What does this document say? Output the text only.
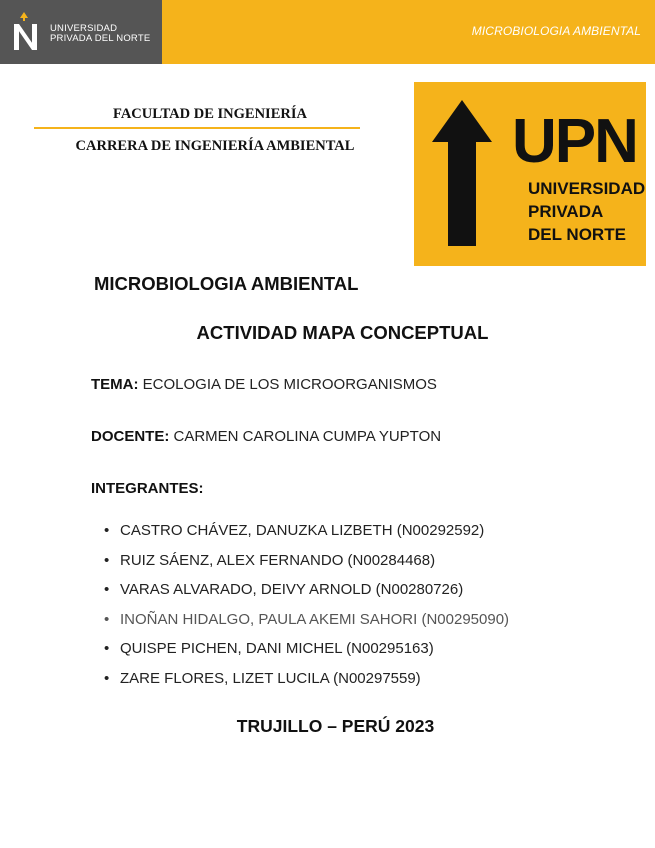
UNIVERSIDAD
PRIVADA DEL NORTE
MICROBIOLOGIA AMBIENTAL
FACULTAD DE INGENIERÍA
CARRERA DE INGENIERÍA AMBIENTAL	UPN
UNIVERSIDAD
PRIVADA
DEL NORTE
MICROBIOLOGIA AMBIENTAL
ACTIVIDAD MAPA CONCEPTUAL
TEMA: ECOLOGIA DE LOS MICROORGANISMOS
DOCENTE: CARMEN CAROLINA CUMPA YUPTON
INTEGRANTES:
• CASTRO CHÁVEZ, DANUZKA LIZBETH (N00292592)
• RUIZ SÁENZ, ALEX FERNANDO (N00284468)
• VARAS ALVARADO, DEIVY ARNOLD (N00280726)
• INOÑAN HIDALGO, PAULA AKEMI SAHORI (N00295090)
• QUISPE PICHEN, DANI MICHEL (N00295163)
• ZARE FLORES, LIZET LUCILA (N00297559)
TRUJILLO – PERÚ 2023
